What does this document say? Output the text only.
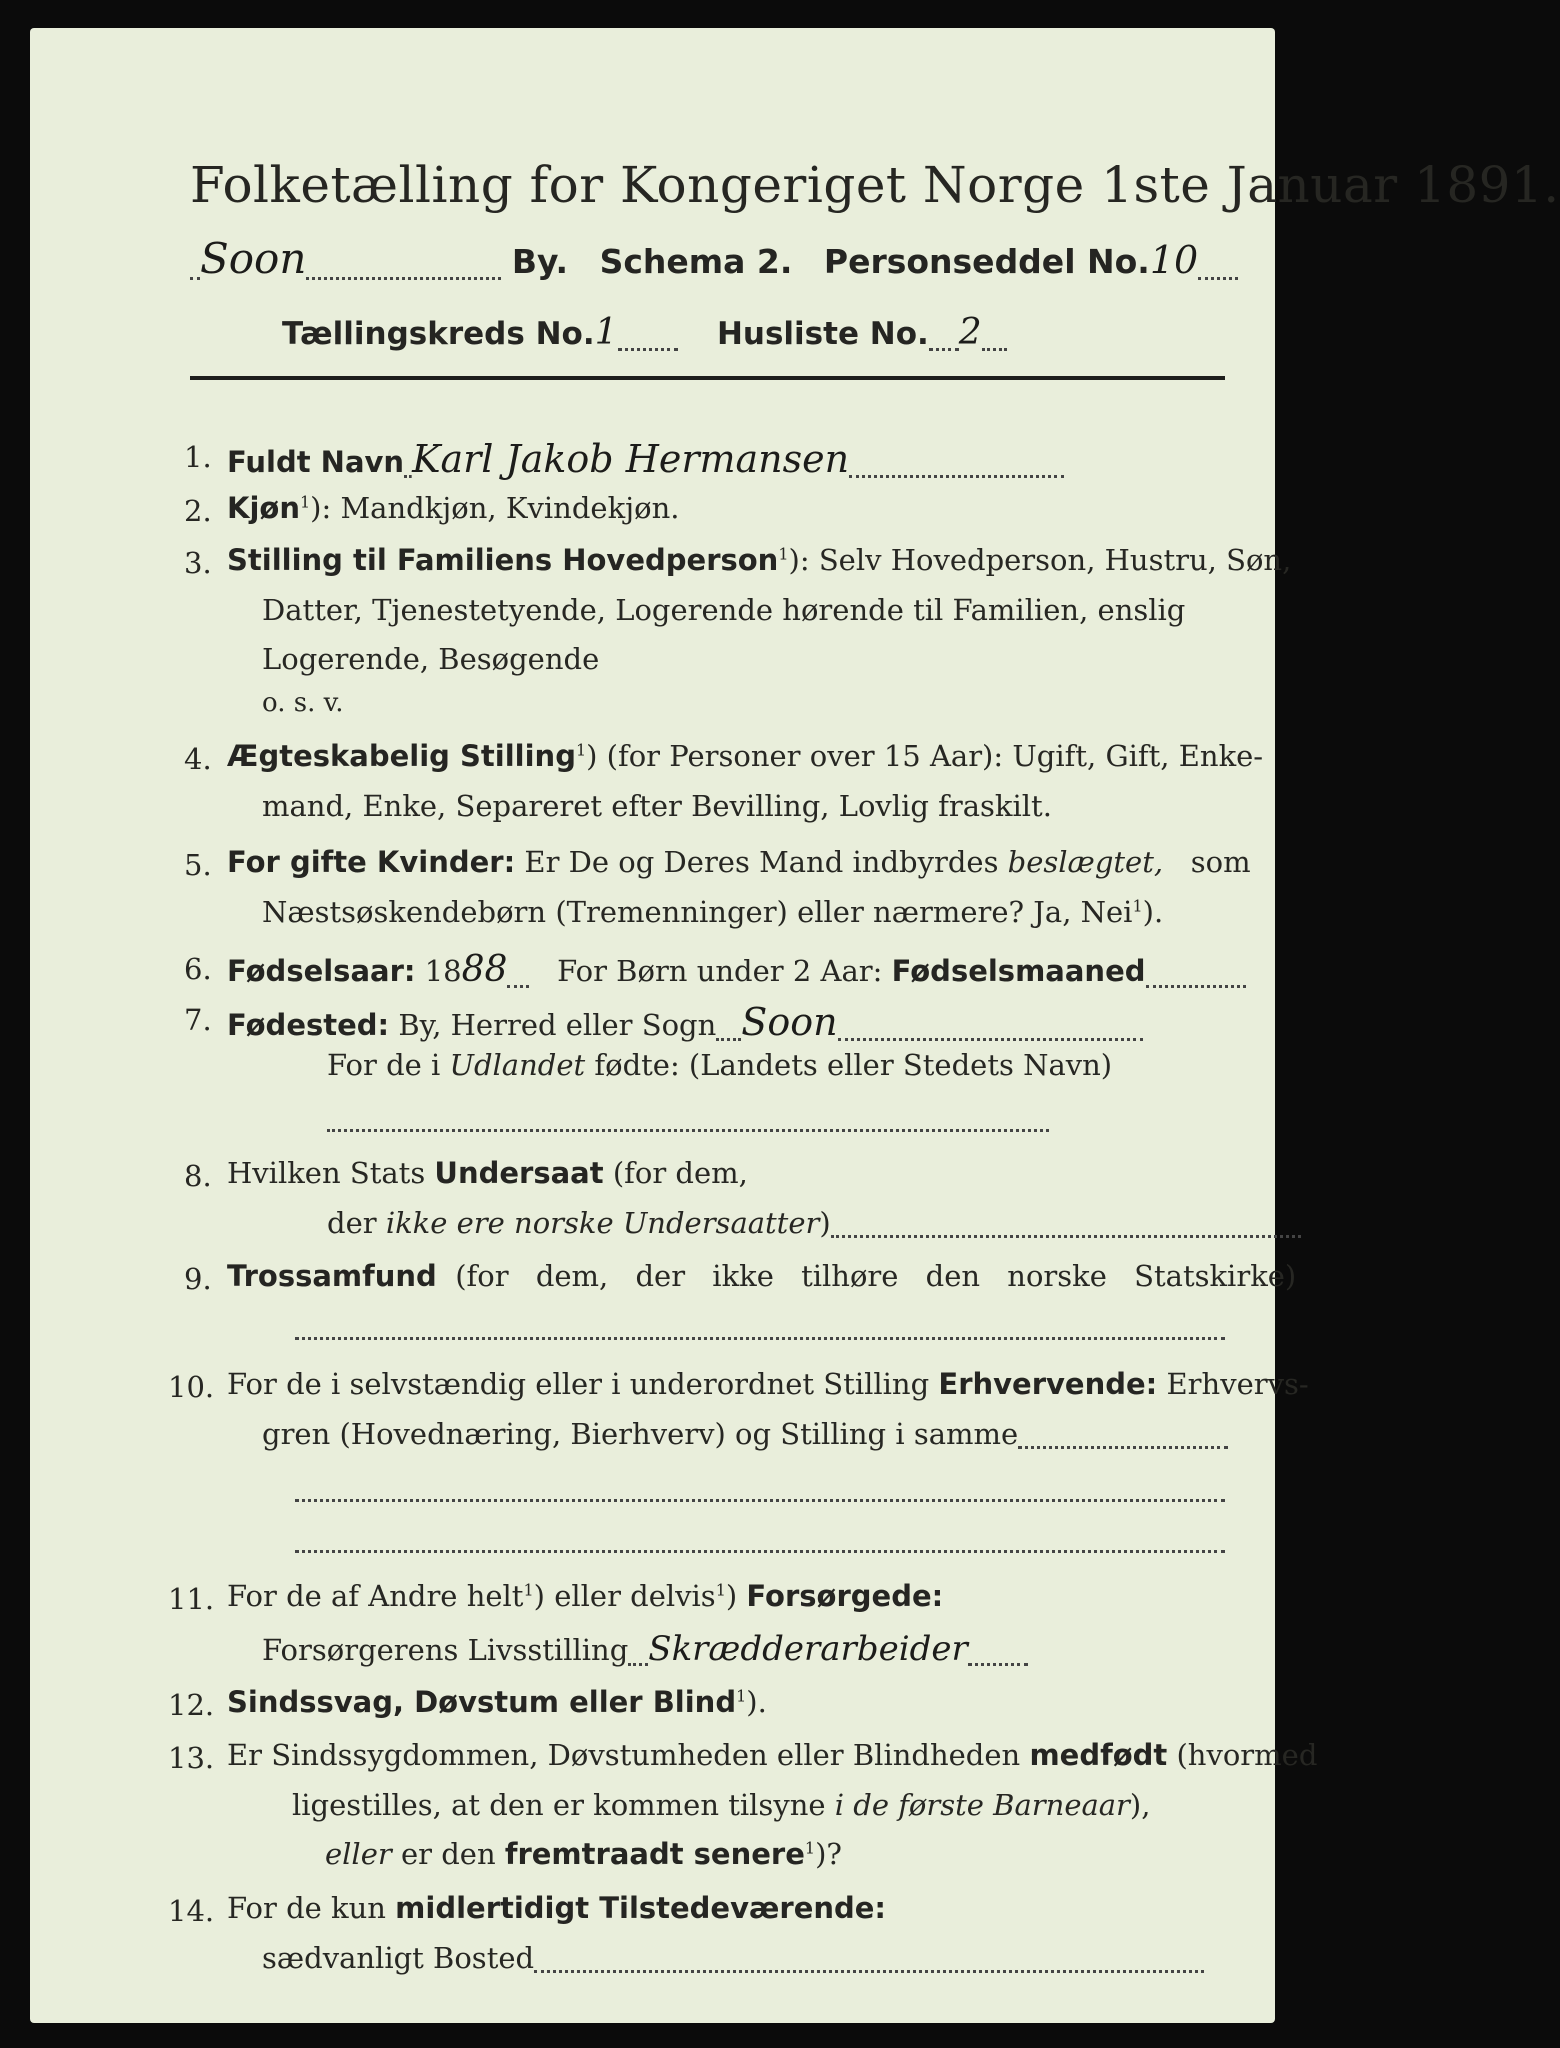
Folketælling for Kongeriget Norge 1ste Januar 1891.
Soon	By. Schema 2. Personseddel No.10
Tællingskreds No.1	Husliste No. 2
1. Fuldt Navn Karl Jakob Hermansen
2. Kjøn$^1$): Mandkjøn, Kvindekjøn.
3. Stilling til Familiens Hovedperson$^1$): Selv Hovedperson, Hustru, Søn,
Datter, Tjenestetyende, Logerende hørende til Familien, enslig
Logerende, Besøgende
o. s. v.
4. Ægteskabelig Stilling$^1$) (for Personer over 15 Aar): Ugift, Gift, Enke-
mand, Enke, Separeret efter Bevilling, Lovlig fraskilt.
5. For gifte Kvinder: Er De og Deres Mand indbyrdes beslægtet, som
Næstsøskendebørn (Tremenninger) eller nærmere? Ja, Nei$^1$).
6. Fødselsaar: 1888 For Børn under 2 Aar: Fødselsmaaned
7. Fødested: By, Herred eller Sogn Soon
For de i Udlandet fødte: (Landets eller Stedets Navn)
8. Hvilken Stats Undersaat (for dem,
der ikke ere norske Undersaatter)
9. Trossamfund (for dem, der ikke tilhøre den norske Statskirke)
10. For de i selvstændig eller i underordnet Stilling Erhvervende: Erhvervs-
gren (Hovednæring, Bierhverv) og Stilling i samme
11. For de af Andre helt$^1$) eller delvis$^1$) Forsørgede:
Forsørgerens Livsstilling Skrædderarbeider
12. Sindssvag, Døvstum eller Blind$^1$).
13. Er Sindssygdommen, Døvstumheden eller Blindheden medfødt (hvormed
ligestilles, at den er kommen tilsyne i de første Barneaar),
eller er den fremtraadt senere$^1$)?
14. For de kun midlertidigt Tilstedeværende:
sædvanligt Bosted
